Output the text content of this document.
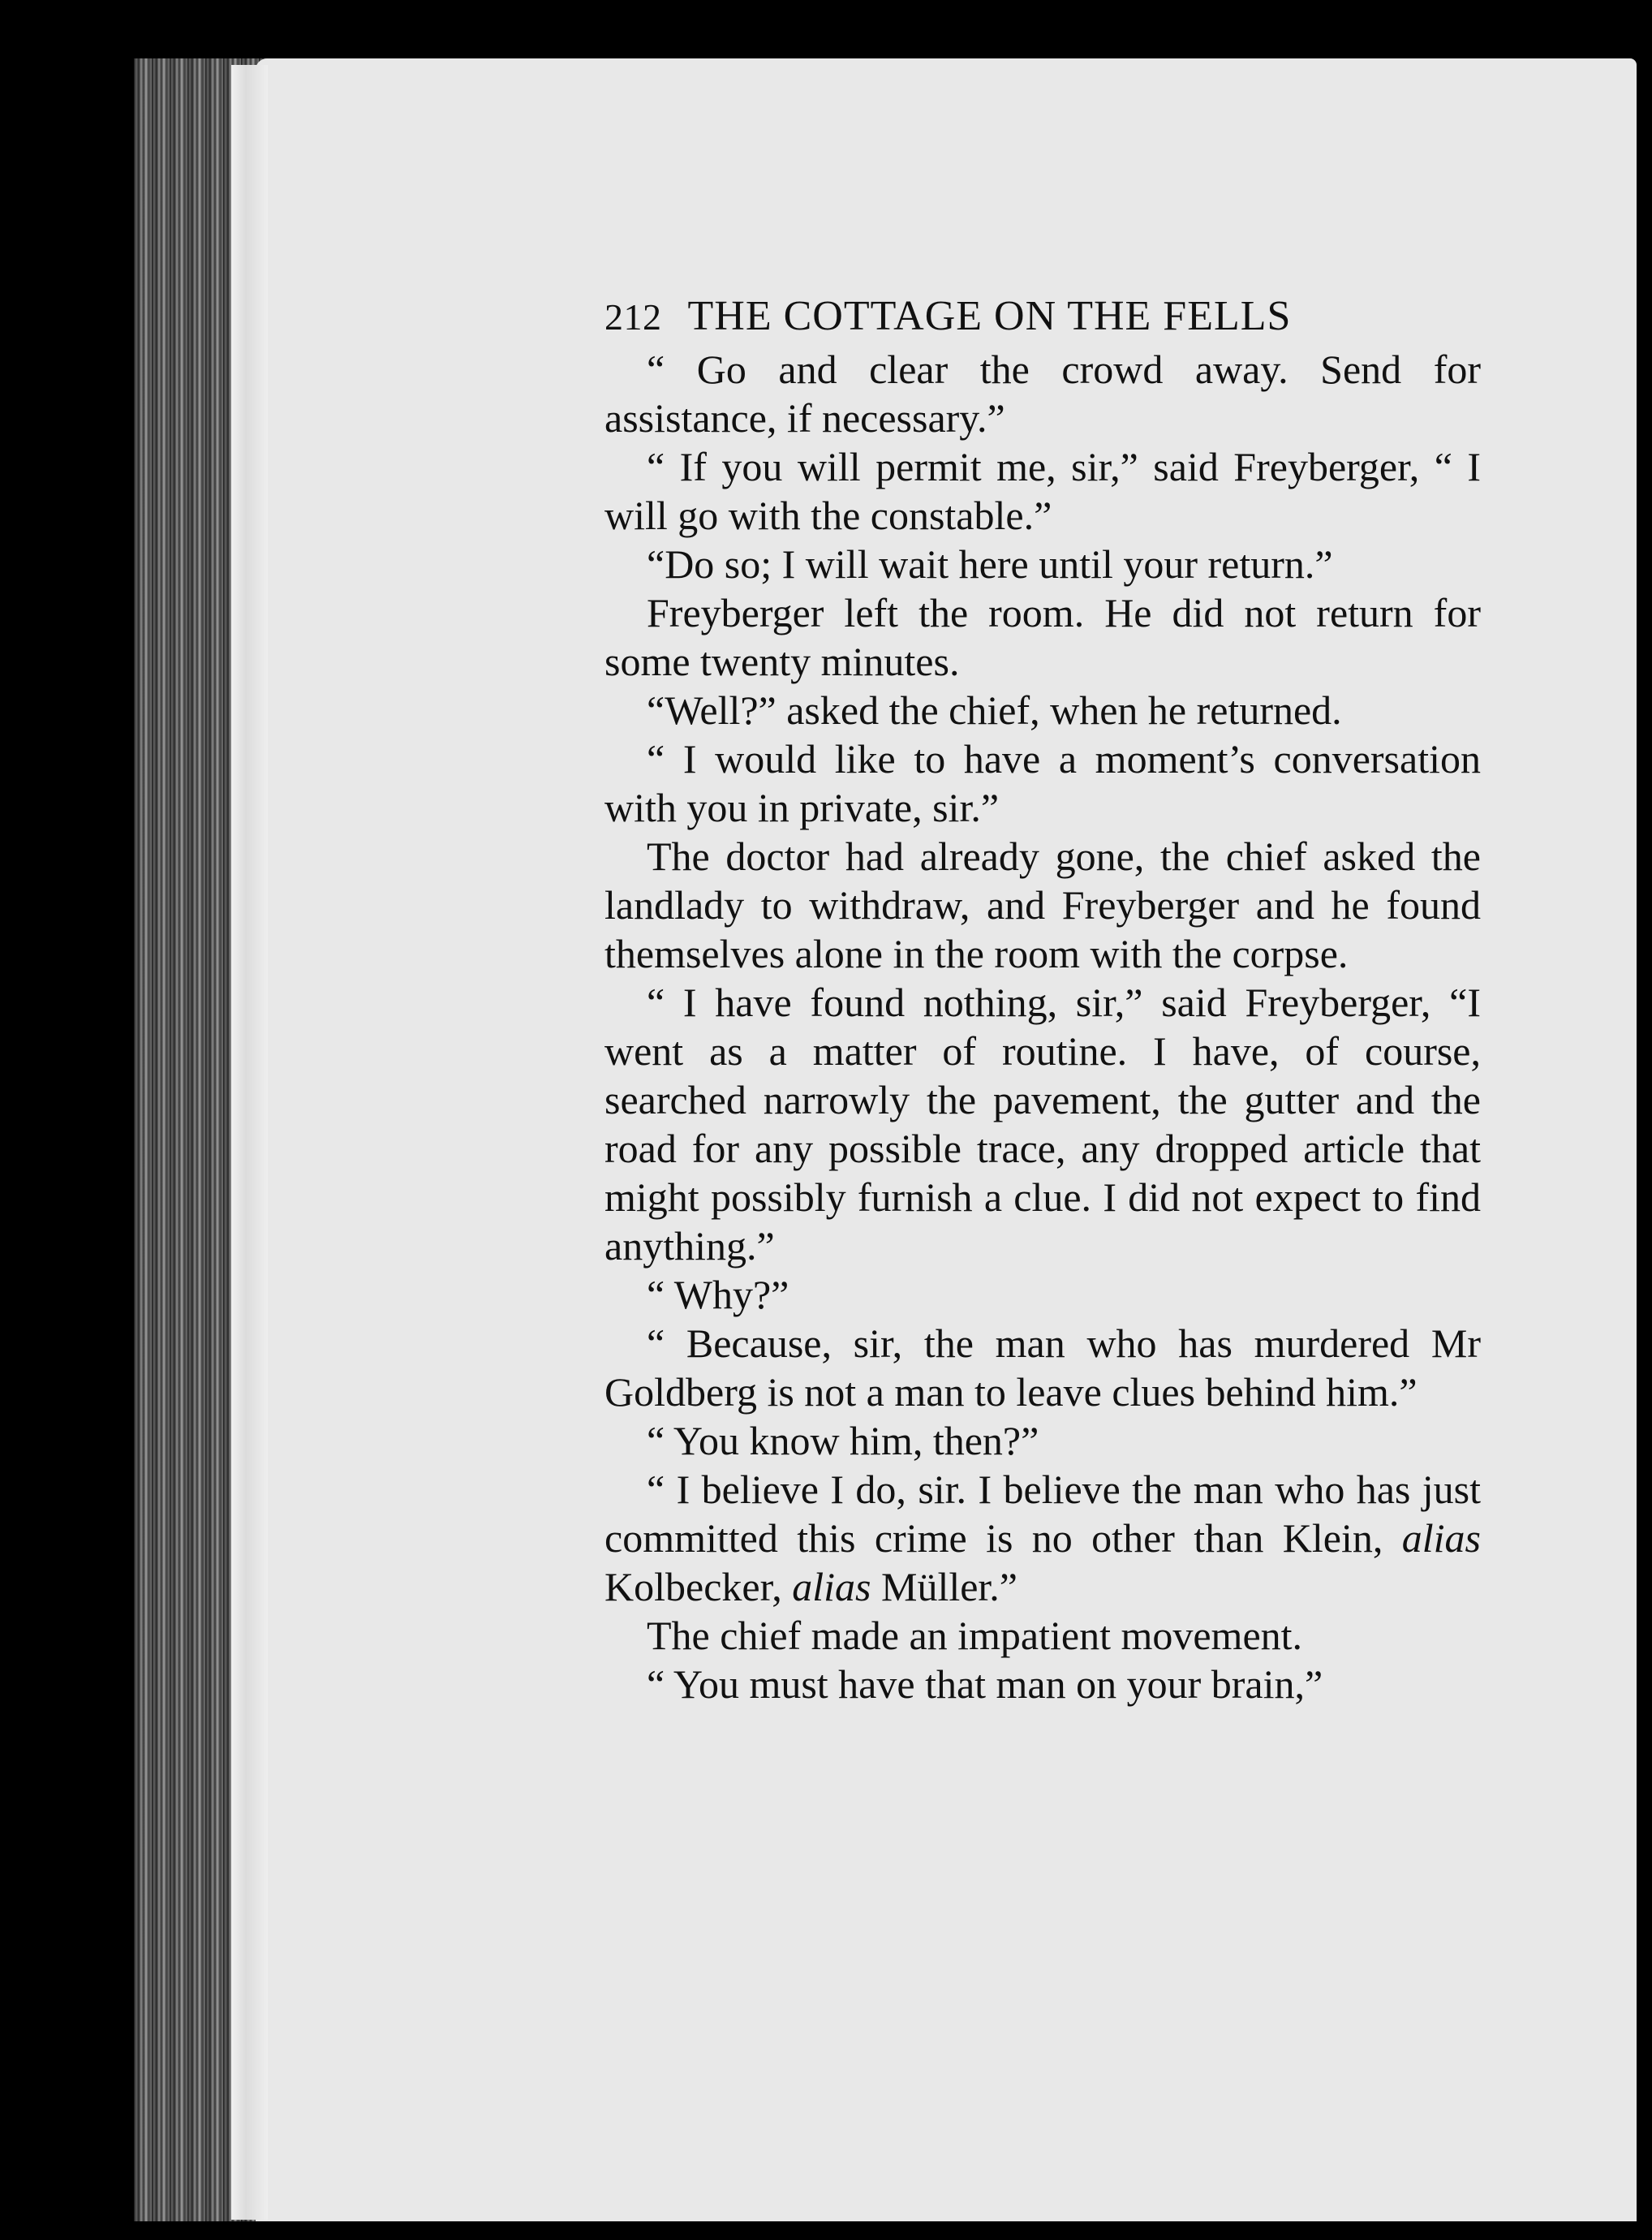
212 THE COTTAGE ON THE FELLS

“ Go and clear the crowd away. Send for assistance, if necessary.”

“ If you will permit me, sir,” said Freyberger, “ I will go with the constable.”

“Do so; I will wait here until your return.”

Freyberger left the room. He did not return for some twenty minutes.

“Well?” asked the chief, when he returned.

“ I would like to have a moment’s conversation with you in private, sir.”

The doctor had already gone, the chief asked the landlady to withdraw, and Freyberger and he found themselves alone in the room with the corpse.

“ I have found nothing, sir,” said Freyberger, “I went as a matter of routine. I have, of course, searched narrowly the pavement, the gutter and the road for any possible trace, any dropped article that might possibly furnish a clue. I did not expect to find anything.”

“ Why?”

“ Because, sir, the man who has murdered Mr Goldberg is not a man to leave clues behind him.”

“ You know him, then?”

“ I believe I do, sir. I believe the man who has just committed this crime is no other than Klein, alias Kolbecker, alias Müller.”

The chief made an impatient movement.

“ You must have that man on your brain,”
